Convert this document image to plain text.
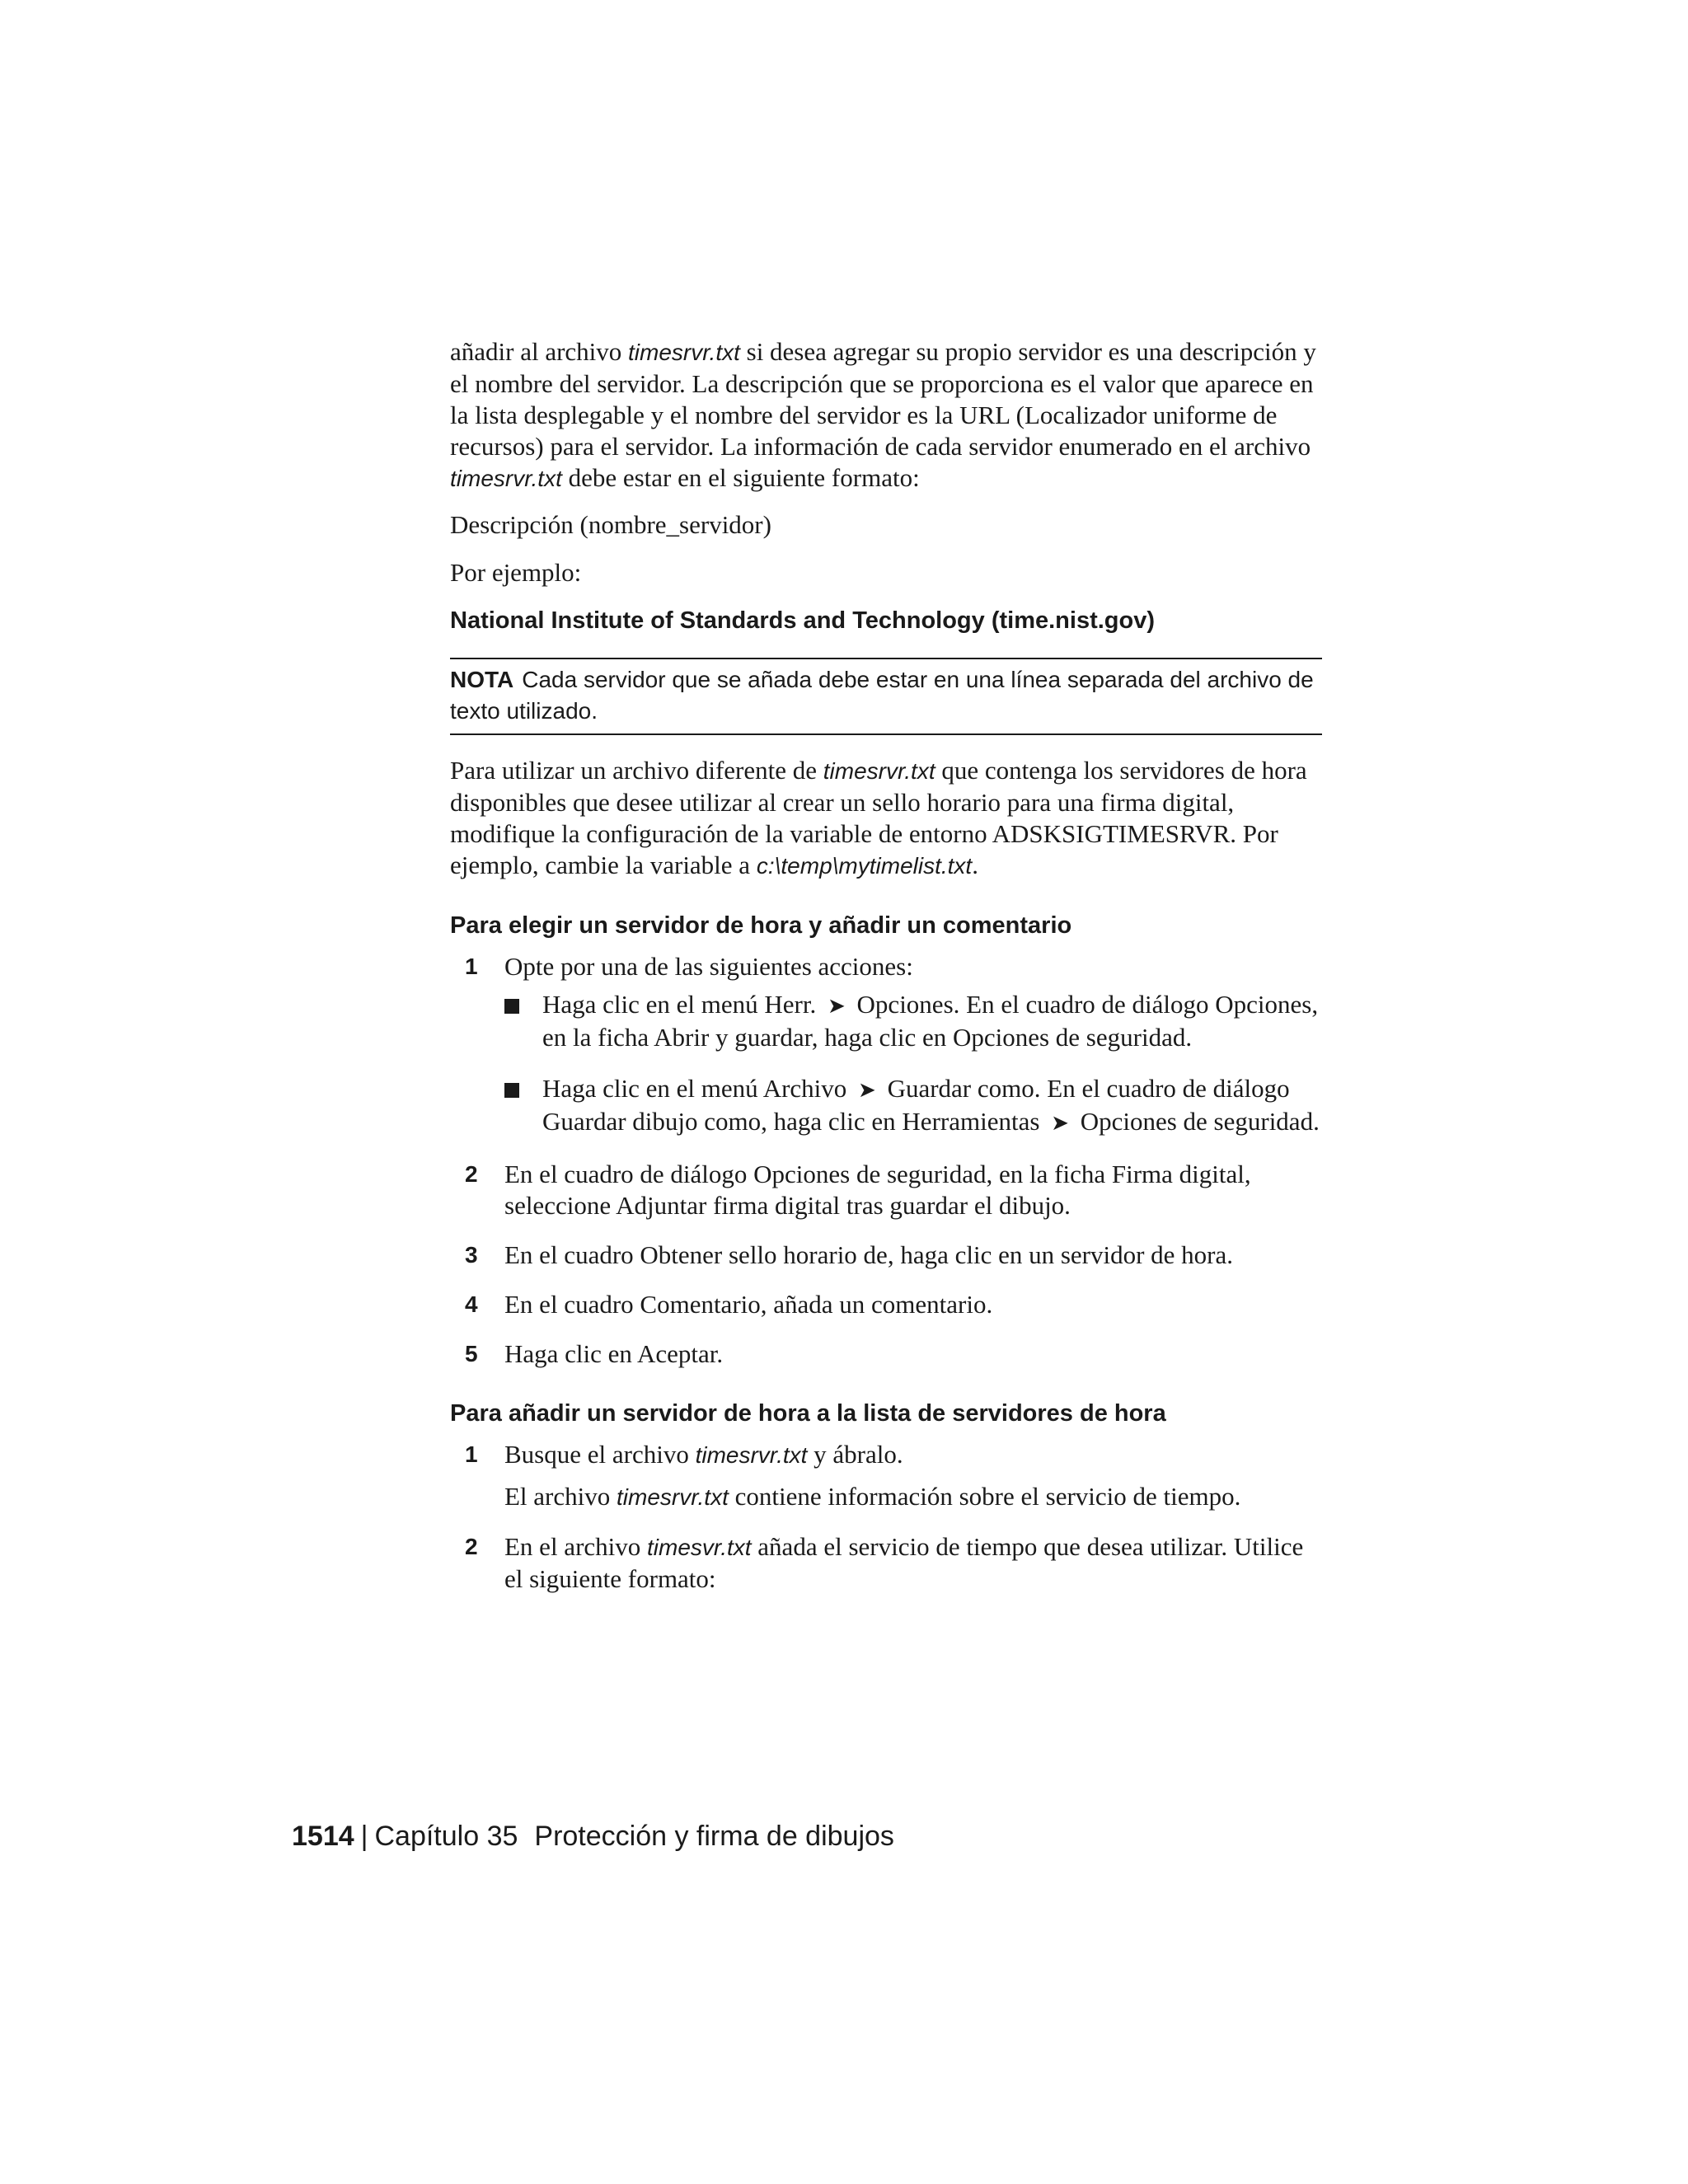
añadir al archivo timesrvr.txt si desea agregar su propio servidor es una descripción y el nombre del servidor. La descripción que se proporciona es el valor que aparece en la lista desplegable y el nombre del servidor es la URL (Localizador uniforme de recursos) para el servidor. La información de cada servidor enumerado en el archivo timesrvr.txt debe estar en el siguiente formato:

Descripción (nombre_servidor)

Por ejemplo:

National Institute of Standards and Technology (time.nist.gov)

NOTA Cada servidor que se añada debe estar en una línea separada del archivo de texto utilizado.

Para utilizar un archivo diferente de timesrvr.txt que contenga los servidores de hora disponibles que desee utilizar al crear un sello horario para una firma digital, modifique la configuración de la variable de entorno ADSKSIGTIMESRVR. Por ejemplo, cambie la variable a c:\temp\mytimelist.txt.

Para elegir un servidor de hora y añadir un comentario

1 Opte por una de las siguientes acciones:
Haga clic en el menú Herr. ➤ Opciones. En el cuadro de diálogo Opciones, en la ficha Abrir y guardar, haga clic en Opciones de seguridad.
Haga clic en el menú Archivo ➤ Guardar como. En el cuadro de diálogo Guardar dibujo como, haga clic en Herramientas ➤ Opciones de seguridad.
2 En el cuadro de diálogo Opciones de seguridad, en la ficha Firma digital, seleccione Adjuntar firma digital tras guardar el dibujo.
3 En el cuadro Obtener sello horario de, haga clic en un servidor de hora.
4 En el cuadro Comentario, añada un comentario.
5 Haga clic en Aceptar.

Para añadir un servidor de hora a la lista de servidores de hora

1 Busque el archivo timesrvr.txt y ábralo.

El archivo timesrvr.txt contiene información sobre el servicio de tiempo.

2 En el archivo timesvr.txt añada el servicio de tiempo que desea utilizar. Utilice el siguiente formato:

1514 | Capítulo 35 Protección y firma de dibujos
